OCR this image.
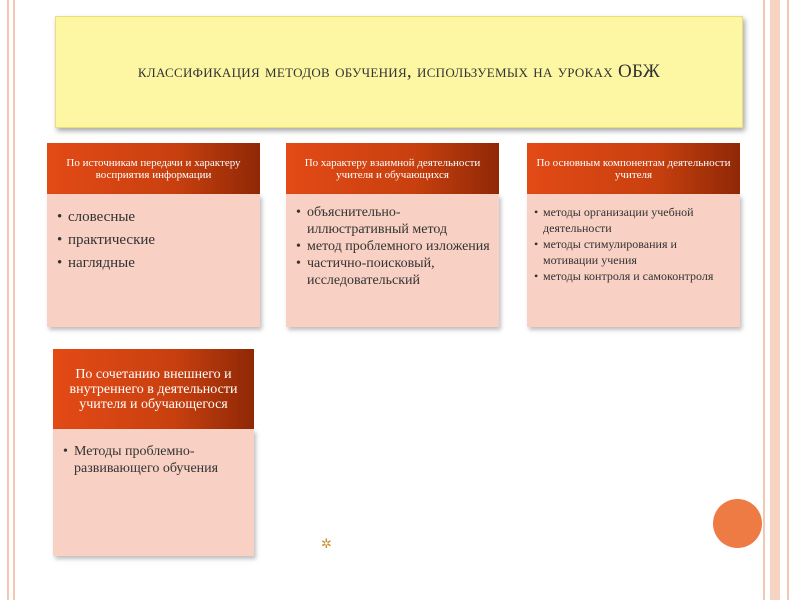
классификация методов обучения, используемых на уроках ОБЖ
По источникам передачи и характеру восприятия информации
• словесные
• практические
• наглядные
По характеру взаимной деятельности учителя и обучающихся
• объяснительно-иллюстративный метод
• метод проблемного изложения
• частично-поисковый, исследовательский
По основным компонентам деятельности учителя
• методы организации учебной деятельности
• методы стимулирования и мотивации учения
• методы контроля и самоконтроля
По сочетанию внешнего и внутреннего в деятельности учителя и обучающегося
• Методы проблемно-развивающего обучения
✲
